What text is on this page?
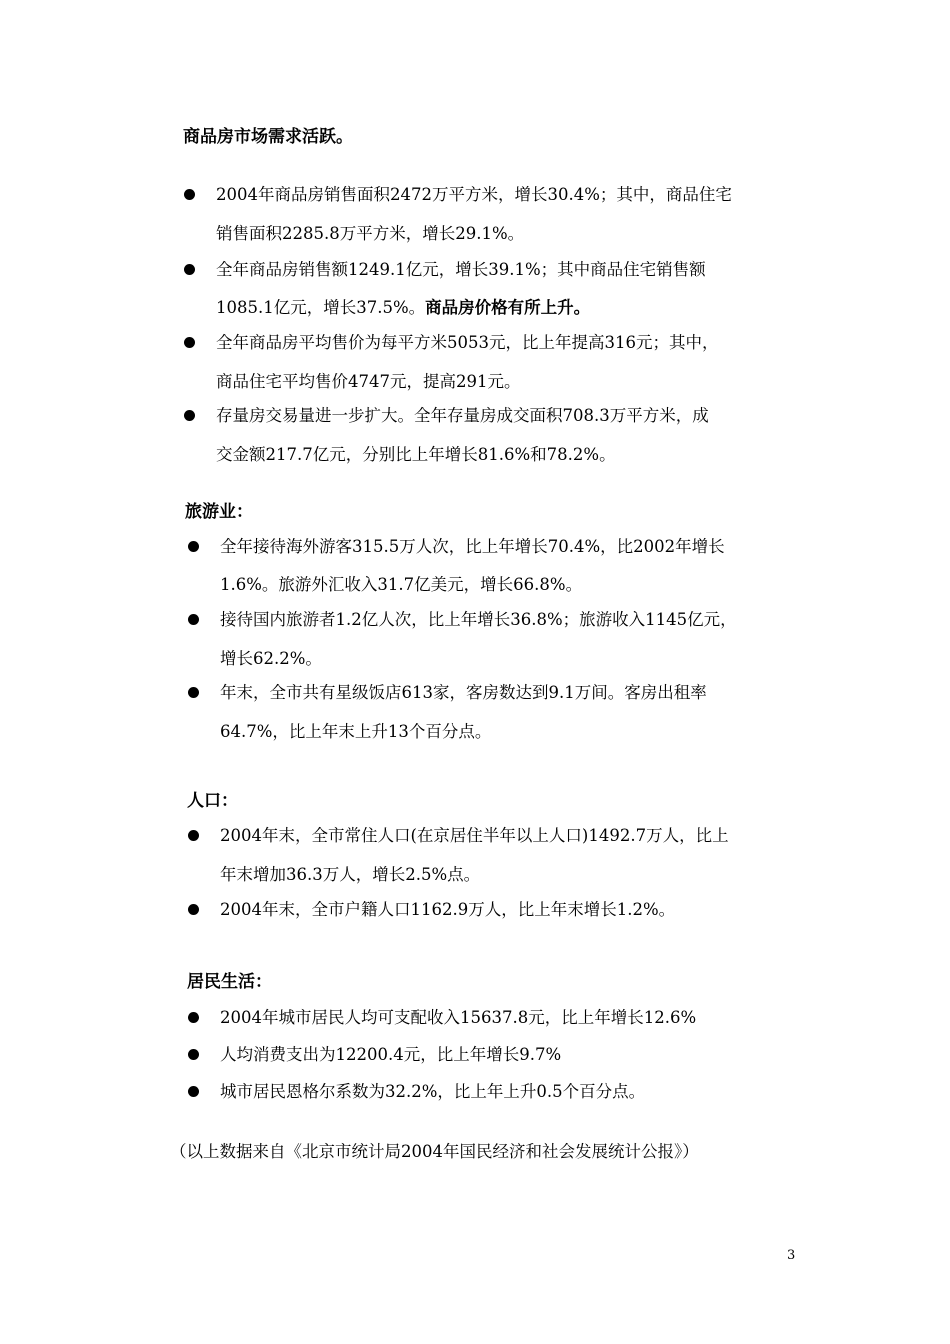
商品房市场需求活跃。
2004年商品房销售面积2472万平方米，增长30.4%；其中，商品住宅
销售面积2285.8万平方米，增长29.1%。
全年商品房销售额1249.1亿元，增长39.1%；其中商品住宅销售额
1085.1亿元，增长37.5%。商品房价格有所上升。
全年商品房平均售价为每平方米5053元，比上年提高316元；其中，
商品住宅平均售价4747元，提高291元。
存量房交易量进一步扩大。全年存量房成交面积708.3万平方米，成
交金额217.7亿元，分别比上年增长81.6%和78.2%。
旅游业：
全年接待海外游客315.5万人次，比上年增长70.4%，比2002年增长
1.6%。旅游外汇收入31.7亿美元，增长66.8%。
接待国内旅游者1.2亿人次，比上年增长36.8%；旅游收入1145亿元，
增长62.2%。
年末，全市共有星级饭店613家，客房数达到9.1万间。客房出租率
64.7%，比上年末上升13个百分点。
人口：
2004年末，全市常住人口(在京居住半年以上人口)1492.7万人，比上
年末增加36.3万人，增长2.5%点。
2004年末，全市户籍人口1162.9万人，比上年末增长1.2%。
居民生活：
2004年城市居民人均可支配收入15637.8元，比上年增长12.6%
人均消费支出为12200.4元，比上年增长9.7%
城市居民恩格尔系数为32.2%，比上年上升0.5个百分点。
（以上数据来自《北京市统计局2004年国民经济和社会发展统计公报》）
3
